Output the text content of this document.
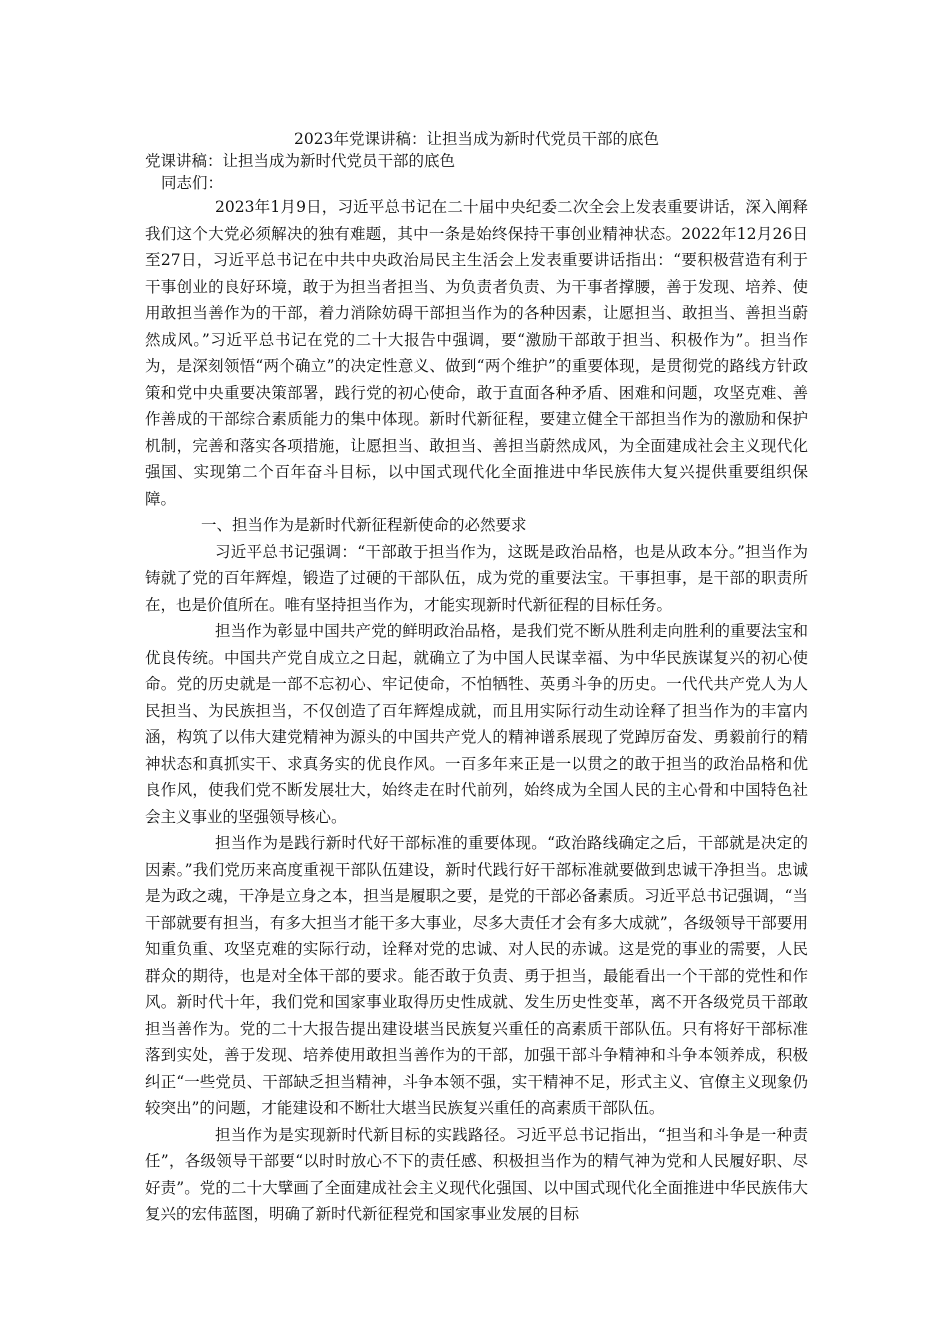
2023年党课讲稿：让担当成为新时代党员干部的底色
党课讲稿：让担当成为新时代党员干部的底色
同志们：

2023年1月9日，习近平总书记在二十届中央纪委二次全会上发表重要讲话，深入阐释我们这个大党必须解决的独有难题，其中一条是始终保持干事创业精神状态。2022年12月26日至27日，习近平总书记在中共中央政治局民主生活会上发表重要讲话指出：“要积极营造有利于干事创业的良好环境，敢于为担当者担当、为负责者负责、为干事者撑腰，善于发现、培养、使用敢担当善作为的干部，着力消除妨碍干部担当作为的各种因素，让愿担当、敢担当、善担当蔚然成风。”习近平总书记在党的二十大报告中强调，要“激励干部敢于担当、积极作为”。担当作为，是深刻领悟“两个确立”的决定性意义、做到“两个维护”的重要体现，是贯彻党的路线方针政策和党中央重要决策部署，践行党的初心使命，敢于直面各种矛盾、困难和问题，攻坚克难、善作善成的干部综合素质能力的集中体现。新时代新征程，要建立健全干部担当作为的激励和保护机制，完善和落实各项措施，让愿担当、敢担当、善担当蔚然成风，为全面建成社会主义现代化强国、实现第二个百年奋斗目标，以中国式现代化全面推进中华民族伟大复兴提供重要组织保障。

一、担当作为是新时代新征程新使命的必然要求

习近平总书记强调：“干部敢于担当作为，这既是政治品格，也是从政本分。”担当作为铸就了党的百年辉煌，锻造了过硬的干部队伍，成为党的重要法宝。干事担事，是干部的职责所在，也是价值所在。唯有坚持担当作为，才能实现新时代新征程的目标任务。

担当作为彰显中国共产党的鲜明政治品格，是我们党不断从胜利走向胜利的重要法宝和优良传统。中国共产党自成立之日起，就确立了为中国人民谋幸福、为中华民族谋复兴的初心使命。党的历史就是一部不忘初心、牢记使命，不怕牺牲、英勇斗争的历史。一代代共产党人为人民担当、为民族担当，不仅创造了百年辉煌成就，而且用实际行动生动诠释了担当作为的丰富内涵，构筑了以伟大建党精神为源头的中国共产党人的精神谱系展现了党踔厉奋发、勇毅前行的精神状态和真抓实干、求真务实的优良作风。一百多年来正是一以贯之的敢于担当的政治品格和优良作风，使我们党不断发展壮大，始终走在时代前列，始终成为全国人民的主心骨和中国特色社会主义事业的坚强领导核心。

担当作为是践行新时代好干部标准的重要体现。“政治路线确定之后，干部就是决定的因素。”我们党历来高度重视干部队伍建设，新时代践行好干部标准就要做到忠诚干净担当。忠诚是为政之魂，干净是立身之本，担当是履职之要，是党的干部必备素质。习近平总书记强调，“当干部就要有担当，有多大担当才能干多大事业，尽多大责任才会有多大成就”，各级领导干部要用知重负重、攻坚克难的实际行动，诠释对党的忠诚、对人民的赤诚。这是党的事业的需要，人民群众的期待，也是对全体干部的要求。能否敢于负责、勇于担当，最能看出一个干部的党性和作风。新时代十年，我们党和国家事业取得历史性成就、发生历史性变革，离不开各级党员干部敢担当善作为。党的二十大报告提出建设堪当民族复兴重任的高素质干部队伍。只有将好干部标准落到实处，善于发现、培养使用敢担当善作为的干部，加强干部斗争精神和斗争本领养成，积极纠正“一些党员、干部缺乏担当精神，斗争本领不强，实干精神不足，形式主义、官僚主义现象仍较突出”的问题，才能建设和不断壮大堪当民族复兴重任的高素质干部队伍。

担当作为是实现新时代新目标的实践路径。习近平总书记指出，“担当和斗争是一种责任”，各级领导干部要“以时时放心不下的责任感、积极担当作为的精气神为党和人民履好职、尽好责”。党的二十大擘画了全面建成社会主义现代化强国、以中国式现代化全面推进中华民族伟大复兴的宏伟蓝图，明确了新时代新征程党和国家事业发展的目标
